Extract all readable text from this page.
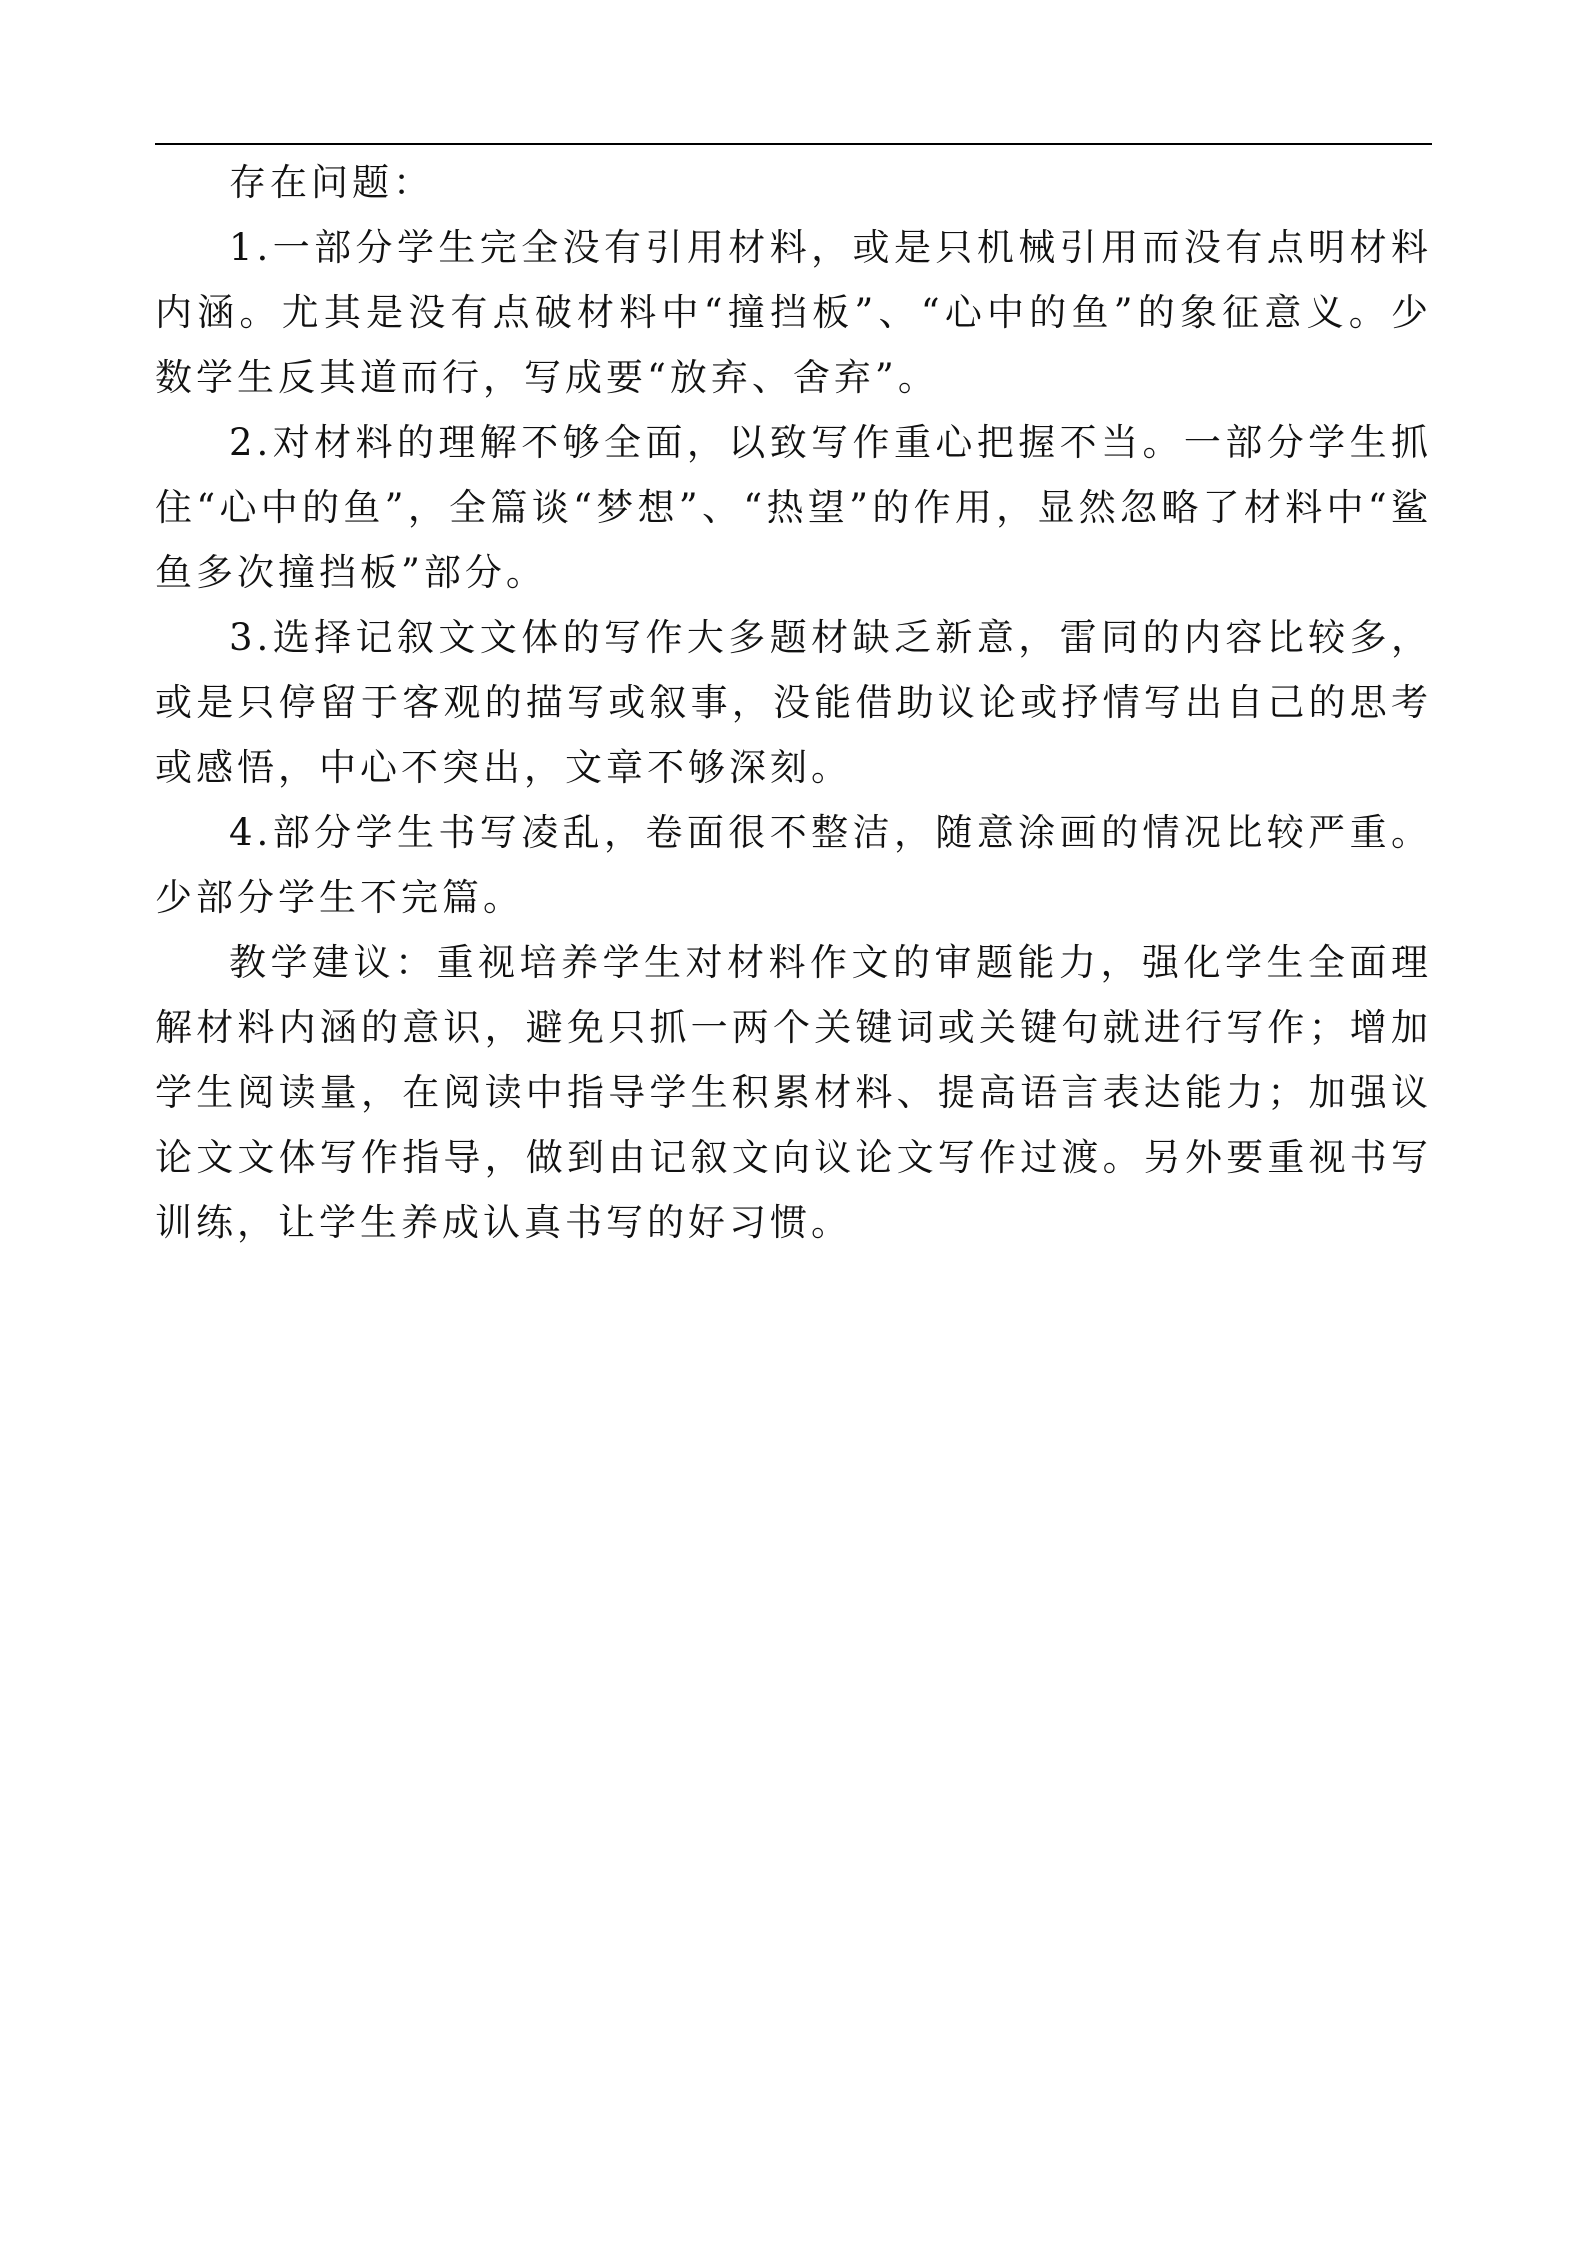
存在问题：

1.一部分学生完全没有引用材料，或是只机械引用而没有点明材料内涵。尤其是没有点破材料中“撞挡板”、“心中的鱼”的象征意义。少数学生反其道而行，写成要“放弃、舍弃”。

2.对材料的理解不够全面，以致写作重心把握不当。一部分学生抓住“心中的鱼”，全篇谈“梦想”、“热望”的作用，显然忽略了材料中“鲨鱼多次撞挡板”部分。

3.选择记叙文文体的写作大多题材缺乏新意，雷同的内容比较多，或是只停留于客观的描写或叙事，没能借助议论或抒情写出自己的思考或感悟，中心不突出，文章不够深刻。

4.部分学生书写凌乱，卷面很不整洁，随意涂画的情况比较严重。少部分学生不完篇。

教学建议：重视培养学生对材料作文的审题能力，强化学生全面理解材料内涵的意识，避免只抓一两个关键词或关键句就进行写作；增加学生阅读量，在阅读中指导学生积累材料、提高语言表达能力；加强议论文文体写作指导，做到由记叙文向议论文写作过渡。另外要重视书写训练，让学生养成认真书写的好习惯。
